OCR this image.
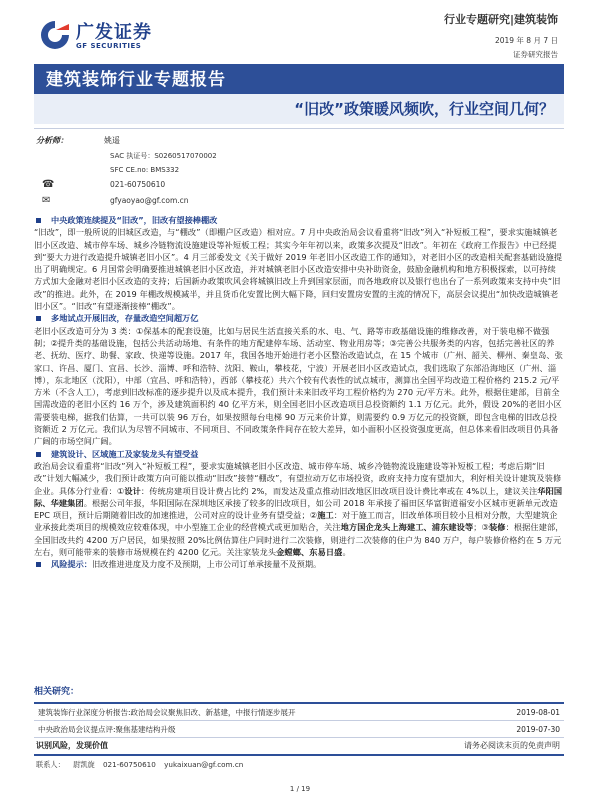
广发证券
GF SECURITIES
行业专题研究|建筑装饰
2019 年 8 月 7 日
证券研究报告
建筑装饰行业专题报告
“旧改”政策暖风频吹，行业空间几何？
分析师：	姚遥
SAC 执证号：S0260517070002
SFC CE.no: BMS332
☎	021-60750610
✉	gfyaoyao@gf.com.cn
中央政策连续提及“旧改”，旧改有望接棒棚改

“旧改”，即一般所说的旧城区改造，与“棚改”（即棚户区改造）相对应。7 月中央政治局会议看重将“旧改”列入“补短板工程”，要求实施城镇老旧小区改造、城市停车场、城乡冷链物流设施建设等补短板工程；其实今年年初以来，政策多次提及“旧改”。年初在《政府工作报告》中已经提到“要大力进行改造提升城镇老旧小区”。4 月三部委发文《关于做好 2019 年老旧小区改造工作的通知》，对老旧小区的改造相关配套基础设施提出了明确规定。6 月国常会明确要推进城镇老旧小区改造，并对城镇老旧小区改造安排中央补助资金，鼓励金融机构和地方积极探索，以可持续方式加大金融对老旧小区改造的支持；后国新办政策吹风会将城镇旧改上升到国家层面，而各地政府以及银行也出台了一系列政策来支持中央“旧改”的推进。此外，在 2019 年棚改规模减半，并且货币化安置比例大幅下降，回归安置房安置的主流的情况下，高层会议提出“加快改造城镇老旧小区”。“旧改”有望逐渐接棒“棚改”。

多地试点开展旧改，存量改造空间超万亿

老旧小区改造可分为 3 类：①保基本的配套设施，比如与居民生活直接关系的水、电、气、路等市政基础设施的维修改善，对于装电梯不做强制；②提升类的基础设施，包括公共活动场地、有条件的地方配建停车场、活动室、物业用房等；③完善公共服务类的内容，包括完善社区的养老、抚幼、医疗、助餐、家政、快递等设施。2017 年，我国各地开始进行老小区整治改造试点，在 15 个城市（广州、韶关、柳州、秦皇岛、张家口、许昌、厦门、宜昌、长沙、淄博、呼和浩特、沈阳、鞍山，攀枝花，宁波）开展老旧小区改造试点，我们选取了东部沿海地区（广州、淄博），东北地区（沈阳），中部（宜昌、呼和浩特），西部（攀枝花）共六个较有代表性的试点城市，测算出全国平均改造工程价格约 215.2 元/平方米（不含人工），考虑到旧改标准的逐步提升以及成本提升，我们预计未来旧改平均工程价格约为 270 元/平方米。此外，根据住建部，目前全国需改造的老旧小区约 16 万个，涉及建筑面积约 40 亿平方米，则全国老旧小区改造项目总投资额约 1.1 万亿元。此外，假设 20%的老旧小区需要装电梯，据我们估算，一共可以装 96 万台，如果按照每台电梯 90 万元来价计算，则需要约 0.9 万亿元的投资额，即包含电梯的旧改总投资额近 2 万亿元。我们认为尽管不同城市、不同项目、不同政策条件间存在较大差异，如小面积小区投资强度更高，但总体来看旧改项目仍具备广阔的市场空间广阔。

建筑设计、区域施工及家装龙头有望受益

政治局会议看重将“旧改”列入“补短板工程”，要求实施城镇老旧小区改造、城市停车场、城乡冷链物流设施建设等补短板工程；考虑后期“旧改”计划大幅减少，我们预计政策方向可能以推动“旧改”接替“棚改”，有望拉动万亿市场投资，政府支持力度有望加大，利好相关设计建筑及装修企业。具体分行业看：①设计：传统房建项目设计费占比约 2%，而发达及重点推动旧改地区旧改项目设计费比率或在 4%以上，建议关注华阳国际、华建集团。根据公司年报，华阳国际在深圳地区承接了较多的旧改项目，如公司 2018 年承接了福田区华富街道福安小区城市更新单元改造 EPC 项目，预计后期随着旧改的加速推进，公司对应的设计业务有望受益；②施工：对于施工而言，旧改单体项目较小且相对分散，大型建筑企业承接此类项目的规模效应较难体现，中小型施工企业的经营模式或更加贴合，关注地方国企龙头上海建工、浦东建设等；③装修：根据住建部，全国旧改共约 4200 万户居民，如果按照 20%比例估算住户同时进行二次装修，则进行二次装修的住户为 840 万户，每户装修价格约在 5 万元左右，则可能带来的装修市场规模在约 4200 亿元。关注家装龙头金螳螂、东易日盛。

风险提示： 旧改推进进度及力度不及预期，上市公司订单承接量不及预期。
相关研究：
建筑装饰行业深度分析报告:政治局会议聚焦旧改、新基建，中报行情逐步展开	2019-08-01
中央政治局会议提点评:聚焦基建结构升级	2019-07-30
识别风险，发现价值	请务必阅读末页的免责声明
联系人： 尉凯旋 021-60750610 yukaixuan@gf.com.cn
1 / 19
